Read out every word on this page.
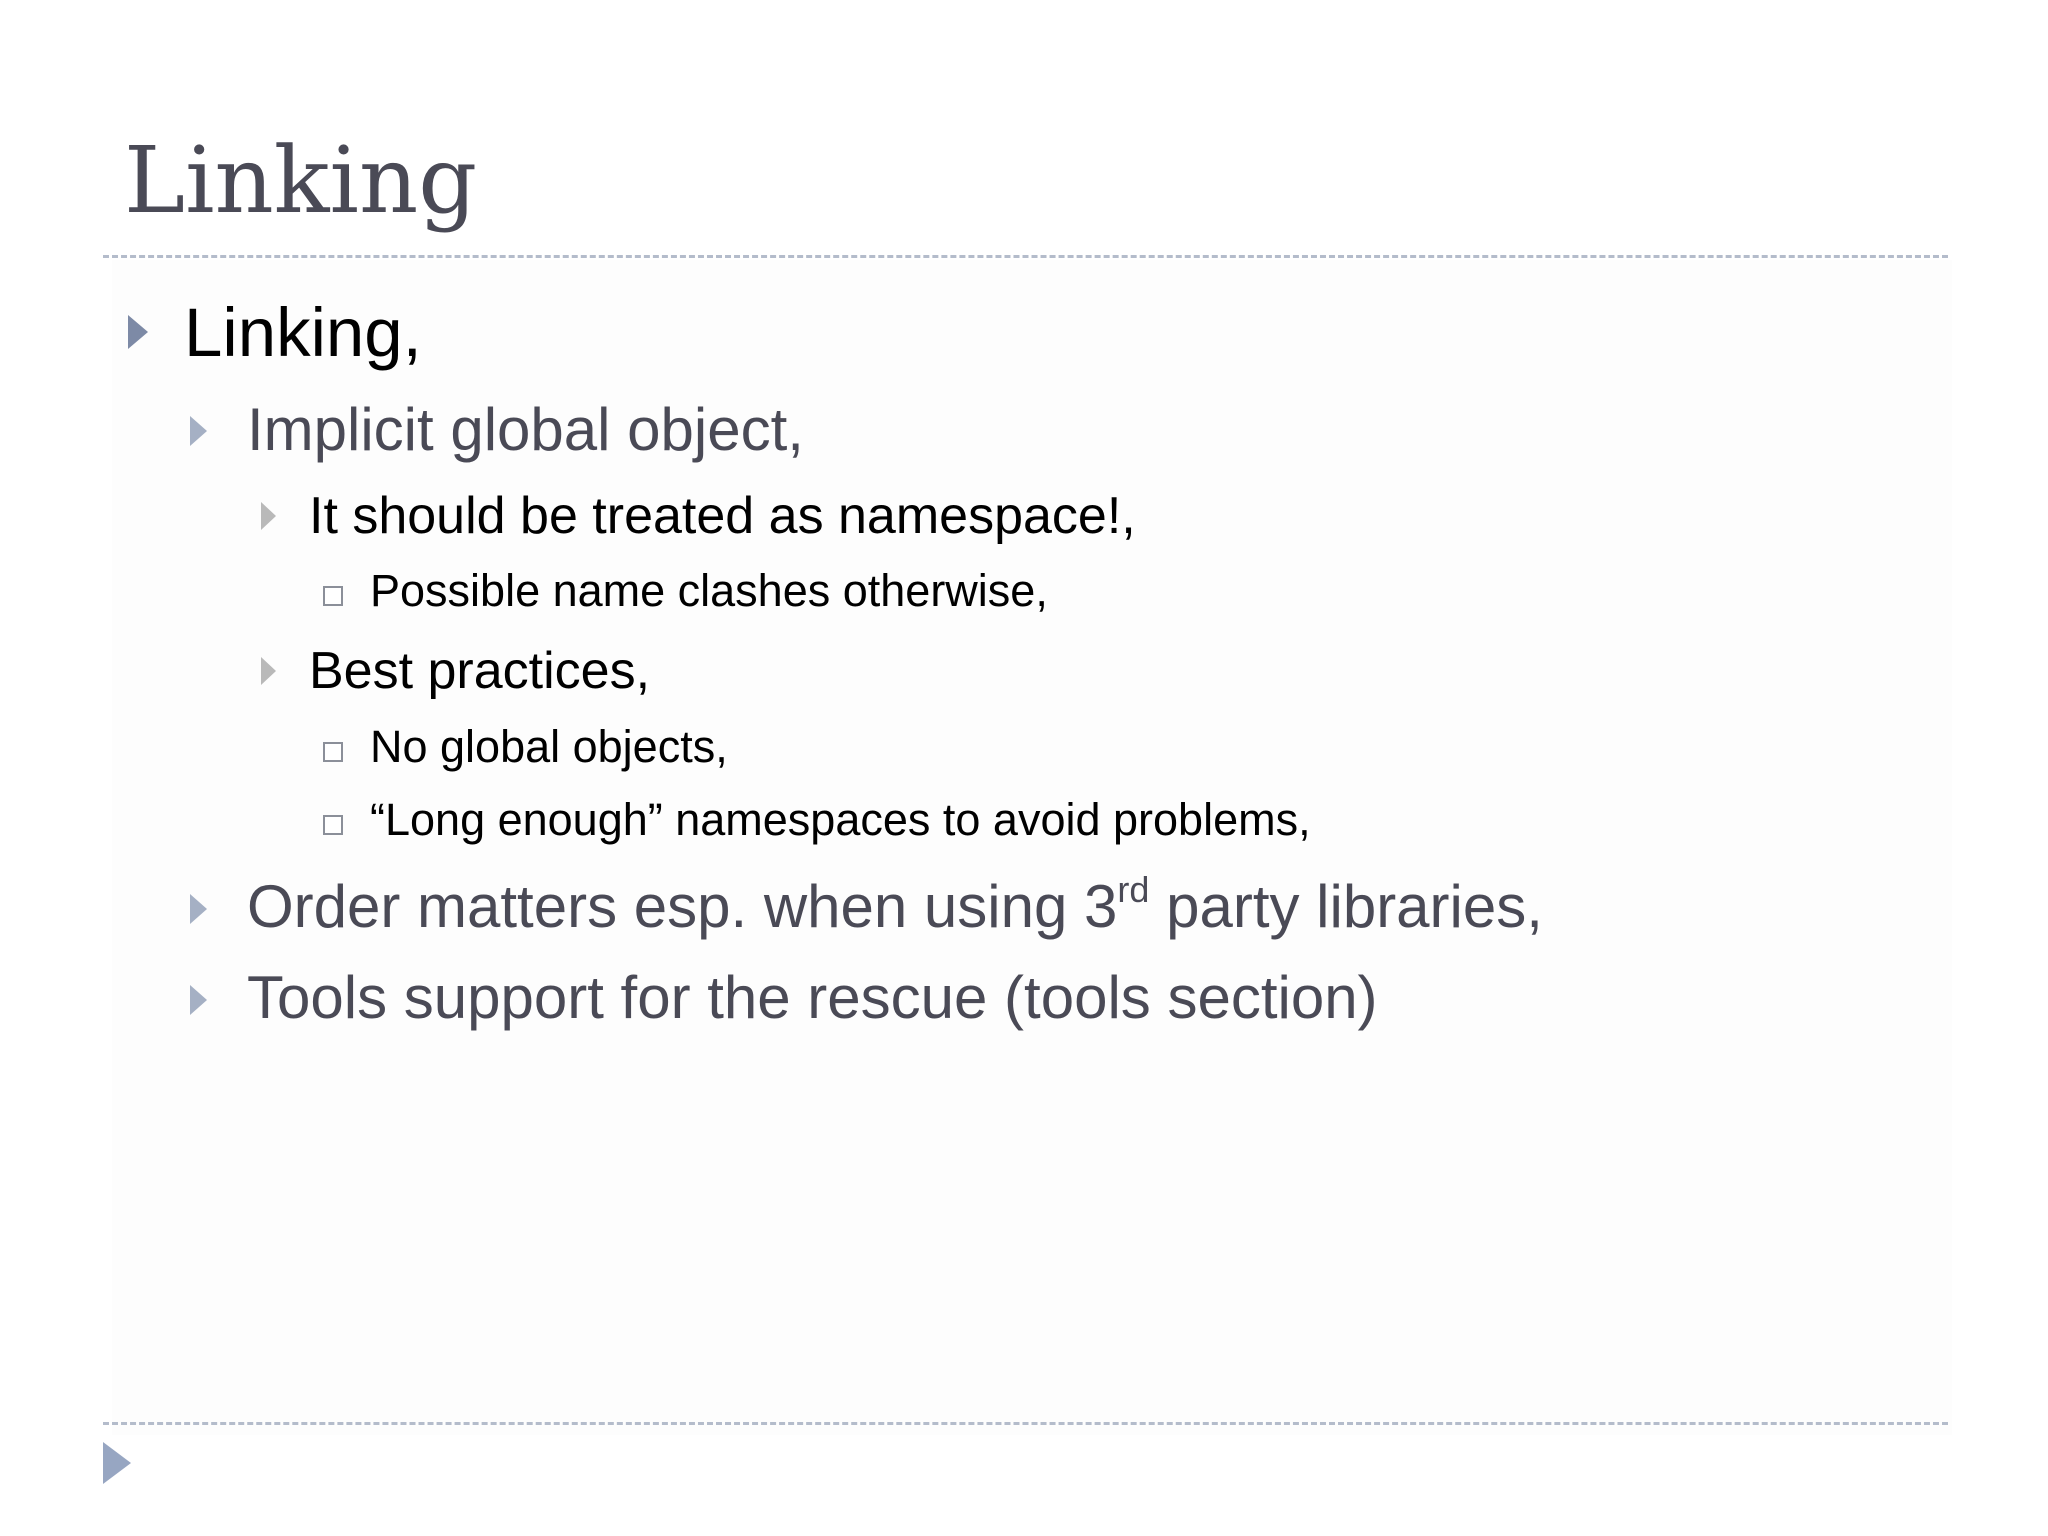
Linking
Linking,
Implicit global object,
It should be treated as namespace!,
Possible name clashes otherwise,
Best practices,
No global objects,
“Long enough” namespaces to avoid problems,
Order matters esp. when using 3rd party libraries,
Tools support for the rescue (tools section)
